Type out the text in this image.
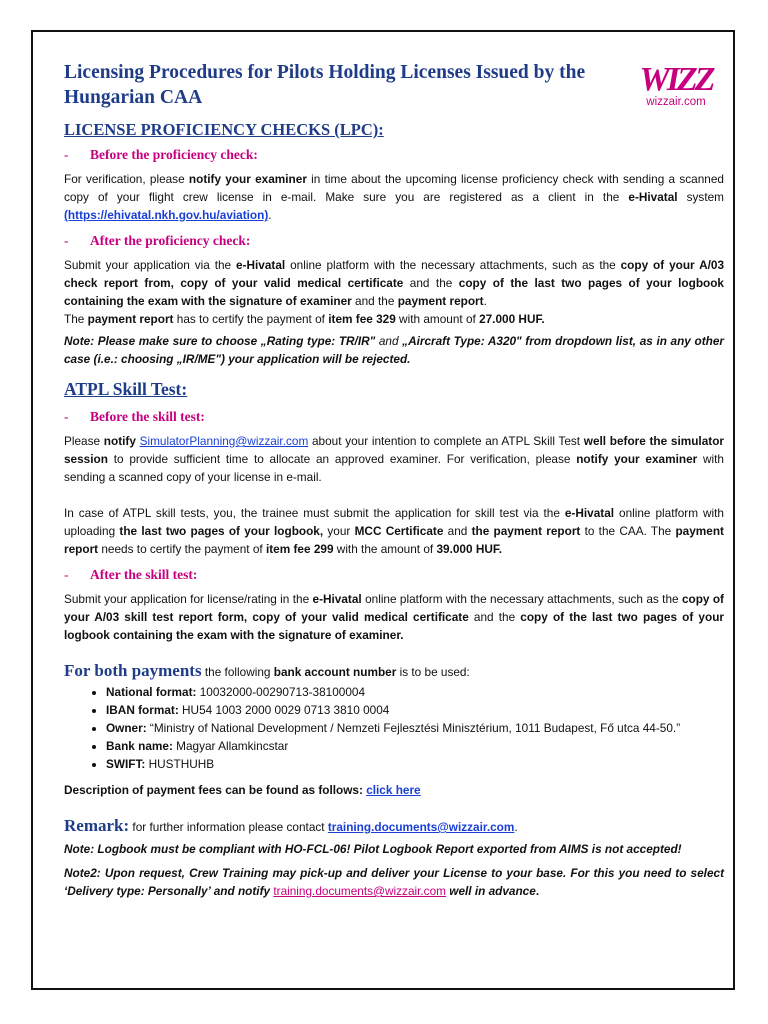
WIZZ
wizzair.com
Licensing Procedures for Pilots Holding Licenses Issued by the Hungarian CAA
LICENSE PROFICIENCY CHECKS (LPC):
- Before the proficiency check:

For verification, please notify your examiner in time about the upcoming license proficiency check with sending a scanned copy of your flight crew license in e-mail. Make sure you are registered as a client in the e-Hivatal system (https://ehivatal.nkh.gov.hu/aviation).

- After the proficiency check:

Submit your application via the e-Hivatal online platform with the necessary attachments, such as the copy of your A/03 check report from, copy of your valid medical certificate and the copy of the last two pages of your logbook containing the exam with the signature of examiner and the payment report.
The payment report has to certify the payment of item fee 329 with amount of 27.000 HUF.

Note: Please make sure to choose „Rating type: TR/IR" and „Aircraft Type: A320" from dropdown list, as in any other case (i.e.: choosing „IR/ME") your application will be rejected.

ATPL Skill Test:
- Before the skill test:

Please notify SimulatorPlanning@wizzair.com about your intention to complete an ATPL Skill Test well before the simulator session to provide sufficient time to allocate an approved examiner. For verification, please notify your examiner with sending a scanned copy of your license in e-mail.

In case of ATPL skill tests, you, the trainee must submit the application for skill test via the e-Hivatal online platform with uploading the last two pages of your logbook, your MCC Certificate and the payment report to the CAA. The payment report needs to certify the payment of item fee 299 with the amount of 39.000 HUF.

- After the skill test:

Submit your application for license/rating in the e-Hivatal online platform with the necessary attachments, such as the copy of your A/03 skill test report form, copy of your valid medical certificate and the copy of the last two pages of your logbook containing the exam with the signature of examiner.

For both payments the following bank account number is to be used:

• National format: 10032000-00290713-38100004
• IBAN format: HU54 1003 2000 0029 0713 3810 0004
• Owner: “Ministry of National Development / Nemzeti Fejlesztési Minisztérium, 1011 Budapest, Fő utca 44-50.”
• Bank name: Magyar Allamkincstar
• SWIFT: HUSTHUHB

Description of payment fees can be found as follows: click here

Remark: for further information please contact training.documents@wizzair.com.

Note: Logbook must be compliant with HO-FCL-06! Pilot Logbook Report exported from AIMS is not accepted!

Note2: Upon request, Crew Training may pick-up and deliver your License to your base. For this you need to select ‘Delivery type: Personally’ and notify training.documents@wizzair.com well in advance.
